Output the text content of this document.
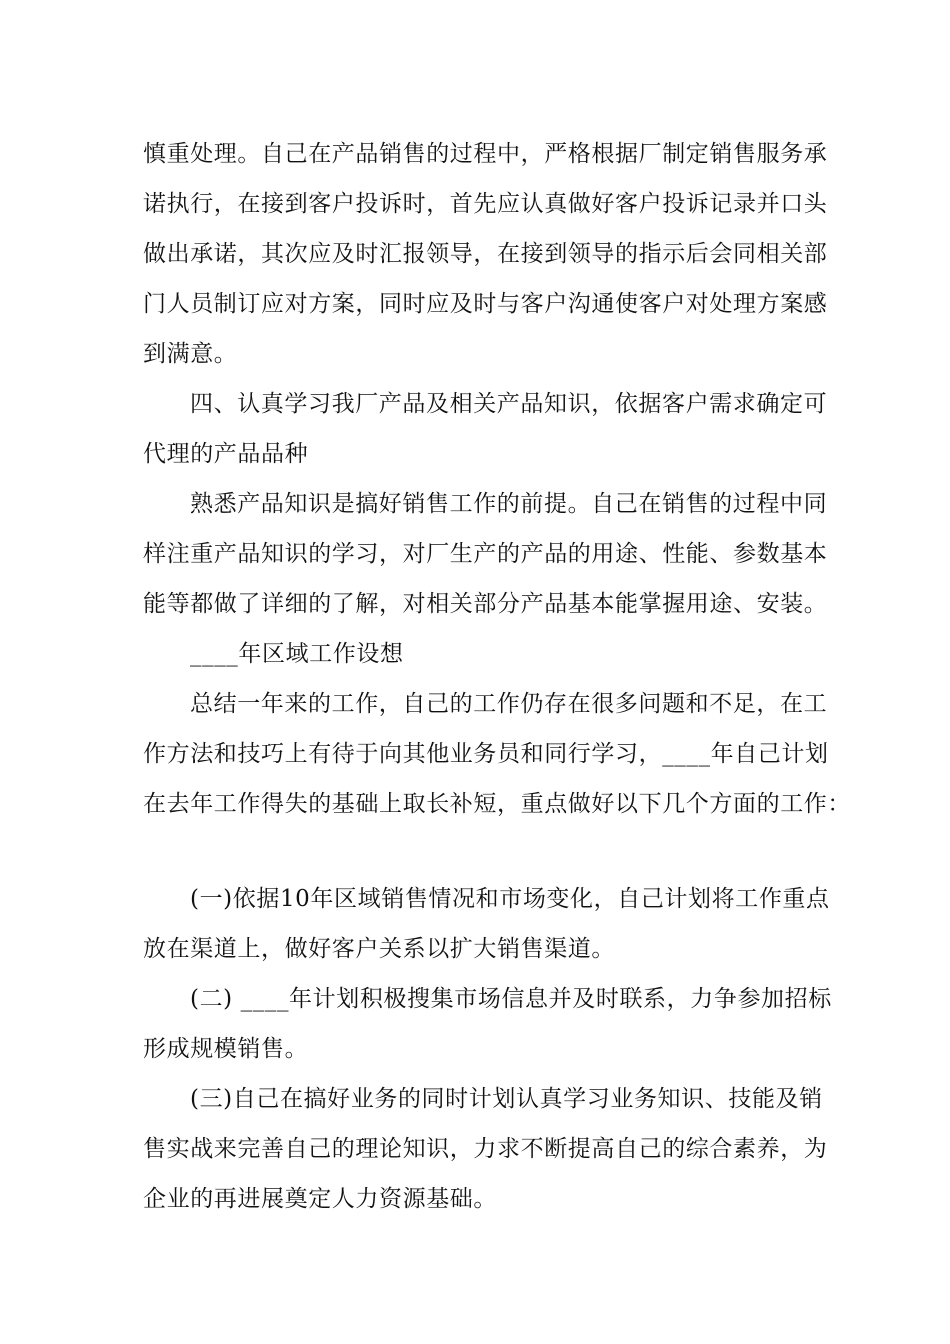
慎重处理。自己在产品销售的过程中，严格根据厂制定销售服务承
诺执行，在接到客户投诉时，首先应认真做好客户投诉记录并口头
做出承诺，其次应及时汇报领导，在接到领导的指示后会同相关部
门人员制订应对方案，同时应及时与客户沟通使客户对处理方案感
到满意。
四、认真学习我厂产品及相关产品知识，依据客户需求确定可
代理的产品品种
熟悉产品知识是搞好销售工作的前提。自己在销售的过程中同
样注重产品知识的学习，对厂生产的产品的用途、性能、参数基本
能等都做了详细的了解，对相关部分产品基本能掌握用途、安装。
____年区域工作设想
总结一年来的工作，自己的工作仍存在很多问题和不足，在工
作方法和技巧上有待于向其他业务员和同行学习，____年自己计划
在去年工作得失的基础上取长补短，重点做好以下几个方面的工作：
(一)依据10年区域销售情况和市场变化，自己计划将工作重点
放在渠道上，做好客户关系以扩大销售渠道。
(二) ____年计划积极搜集市场信息并及时联系，力争参加招标
形成规模销售。
(三)自己在搞好业务的同时计划认真学习业务知识、技能及销
售实战来完善自己的理论知识，力求不断提高自己的综合素养，为
企业的再进展奠定人力资源基础。
